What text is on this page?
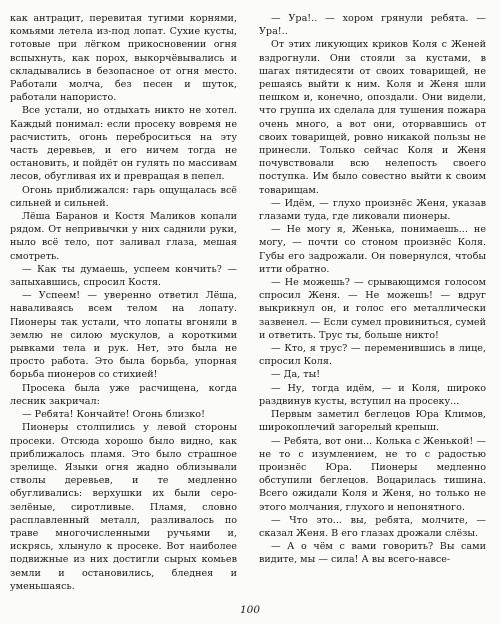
как антрацит, перевитая тугими корнями, комьями летела из-под лопат. Сухие кусты, готовые при лёгком прикосновении огня вспыхнуть, как порох, выкорчёвывались и складывались в безопасное от огня место. Работали молча, без песен и шуток, работали напористо.

Все устали, но отдыхать никто не хотел. Каждый понимал: если просеку вовремя не расчистить, огонь переброситься на эту часть деревьев, и его ничем тогда не остановить, и пойдёт он гулять по массивам лесов, обугливая их и превращая в пепел.

Огонь приближался: гарь ощущалась всё сильней и сильней.

Лёша Баранов и Костя Маликов копали рядом. От непривычки у них саднили руки, ныло всё тело, пот заливал глаза, мешая смотреть.

— Как ты думаешь, успеем кончить? — запыхавшись, спросил Костя.

— Успеем! — уверенно ответил Лёша, наваливаясь всем телом на лопату. Пионеры так устали, что лопаты вгоняли в землю не силою мускулов, а короткими рывками тела и рук. Нет, это была не просто работа. Это была борьба, упорная борьба пионеров со стихией!

Просека была уже расчищена, когда лесник закричал:

— Ребята! Кончайте! Огонь близко!

Пионеры столпились у левой стороны просеки. Отсюда хорошо было видно, как приближалось пламя. Это было страшное зрелище. Языки огня жадно облизывали стволы деревьев, и те медленно обугливались: верхушки их были серо-зелёные, сиротливые. Пламя, словно расплавленный металл, разливалось по траве многочисленными ручьями и, искрясь, хлынуло к просеке. Вот наиболее подвижные из них достигли сырых комьев земли и остановились, бледнея и уменьшаясь.

— Ура!.. — хором грянули ребята. — Ура!..

От этих ликующих криков Коля с Женей вздрогнули. Они стояли за кустами, в шагах пятидесяти от своих товарищей, не решаясь выйти к ним. Коля и Женя шли пешком и, конечно, опоздали. Они видели, что группа их сделала для тушения пожара очень много, а вот они, оторвавшись от своих товарищей, ровно никакой пользы не принесли. Только сейчас Коля и Женя почувствовали всю нелепость своего поступка. Им было совестно выйти к своим товарищам.

— Идём, — глухо произнёс Женя, указав глазами туда, где ликовали пионеры.

— Не могу я, Женька, понимаешь... не могу, — почти со стоном произнёс Коля. Губы его задрожали. Он повернулся, чтобы итти обратно.

— Не можешь? — срывающимся голосом спросил Женя. — Не можешь! — вдруг выкрикнул он, и голос его металлически зазвенел. — Если сумел провиниться, сумей и ответить. Трус ты, больше никто!

— Кто, я трус? — переменившись в лице, спросил Коля.

— Да, ты!

— Ну, тогда идём, — и Коля, широко раздвинув кусты, вступил на просеку...

Первым заметил беглецов Юра Климов, широкоплечий загорелый крепыш.

— Ребята, вот они... Колька с Женькой! — не то с изумлением, не то с радостью произнёс Юра. Пионеры медленно обступили беглецов. Воцарилась тишина. Всего ожидали Коля и Женя, но только не этого молчания, глухого и непонятного.

— Что это... вы, ребята, молчите, — сказал Женя. В его глазах дрожали слёзы.

— А о чём с вами говорить? Вы сами видите, мы — сила! А вы всего-навсе-

100
